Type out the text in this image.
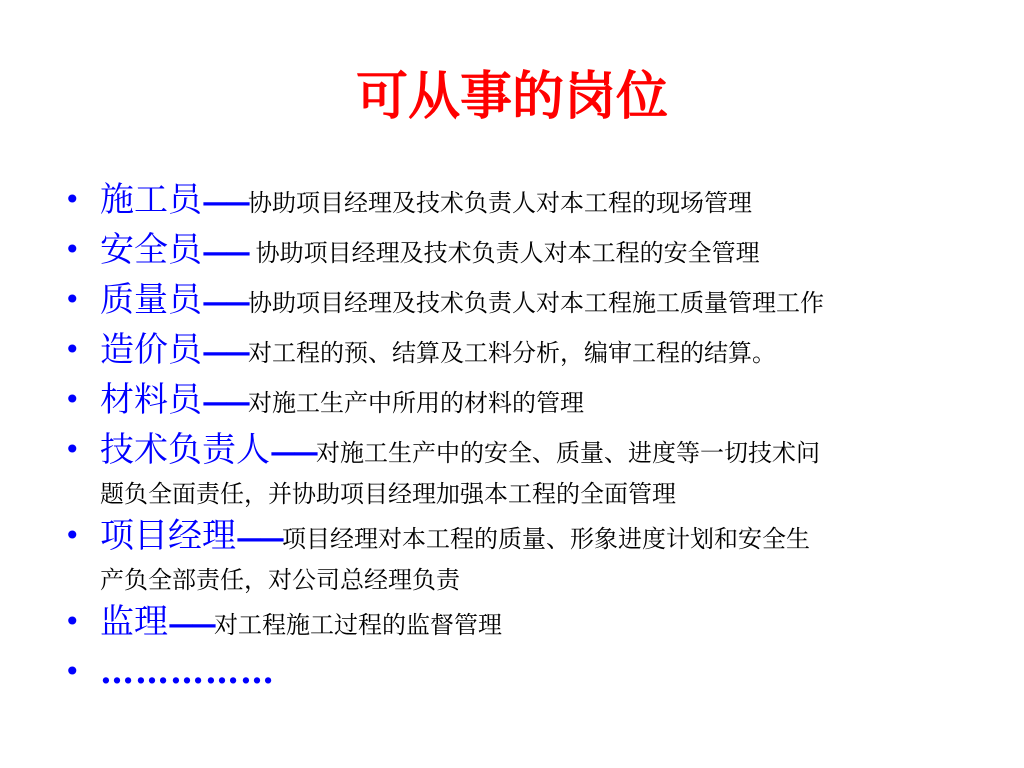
可从事的岗位
• 施工员——协助项目经理及技术负责人对本工程的现场管理
• 安全员—— 协助项目经理及技术负责人对本工程的安全管理
• 质量员——协助项目经理及技术负责人对本工程施工质量管理工作
• 造价员——对工程的预、结算及工料分析，编审工程的结算。
• 材料员——对施工生产中所用的材料的管理
• 技术负责人——对施工生产中的安全、质量、进度等一切技术问
题负全面责任，并协助项目经理加强本工程的全面管理
• 项目经理——项目经理对本工程的质量、形象进度计划和安全生
产负全部责任，对公司总经理负责
• 监理——对工程施工过程的监督管理
• ……………
